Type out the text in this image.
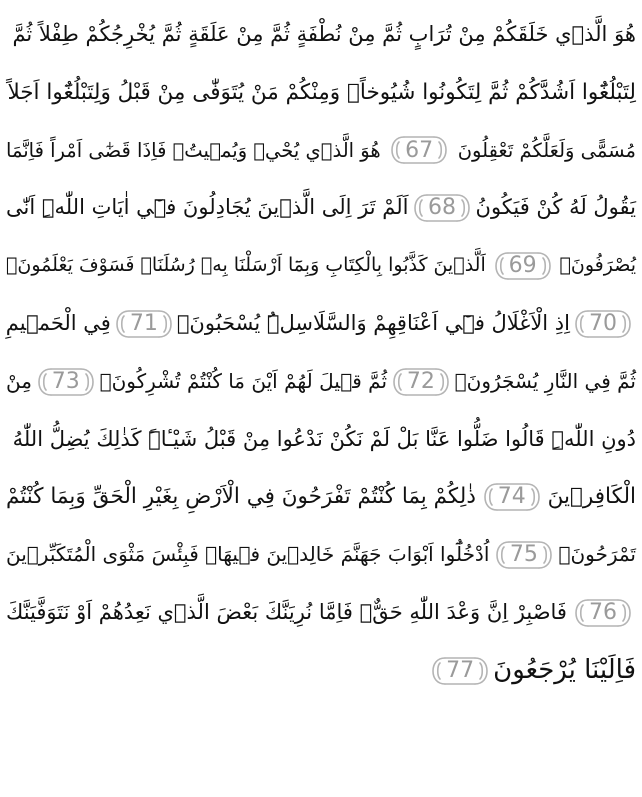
هُوَ الَّذ۪ي خَلَقَكُمْ مِنْ تُرَابٍ ثُمَّ مِنْ نُطْفَةٍ ثُمَّ مِنْ عَلَقَةٍ ثُمَّ يُخْرِجُكُمْ طِفْلاً ثُمَّ
لِتَبْلُغُٓوا اَشُدَّكُمْ ثُمَّ لِتَكُونُوا شُيُوخاًۚ وَمِنْكُمْ مَنْ يُتَوَفّٰى مِنْ قَبْلُ وَلِتَبْلُغُٓوا اَجَلاً
مُسَمًّى وَلَعَلَّكُمْ تَعْقِلُونَ
67
هُوَ الَّذ۪ي يُحْي۪ وَيُم۪يتُۚ فَاِذَا قَضٰٓى اَمْراً فَاِنَّمَا
يَقُولُ لَهُ كُنْ فَيَكُونُ
68
اَلَمْ تَرَ اِلَى الَّذ۪ينَ يُجَادِلُونَ ف۪ٓي اٰيَاتِ اللّٰهِۜ اَنّٰى
يُصْرَفُونَۚ
69
اَلَّذ۪ينَ كَذَّبُوا بِالْكِتَابِ وَبِمَٓا اَرْسَلْنَا بِه۪ رُسُلَنَاۜ فَسَوْفَ يَعْلَمُونَۙ
70
اِذِ الْاَغْلَالُ ف۪ٓي اَعْنَاقِهِمْ وَالسَّلَاسِلُۜ يُسْحَبُونَۙ
71
فِي الْحَم۪يمِ
ثُمَّ فِي النَّارِ يُسْجَرُونَۚ
72
ثُمَّ ق۪يلَ لَهُمْ اَيْنَ مَا كُنْتُمْ تُشْرِكُونَۙ
73
مِنْ
دُونِ اللّٰهِۜ قَالُوا ضَلُّوا عَنَّا بَلْ لَمْ نَكُنْ نَدْعُوا مِنْ قَبْلُ شَيْـٔاًۜ كَذٰلِكَ يُضِلُّ اللّٰهُ
الْكَافِر۪ينَ
74
ذٰلِكُمْ بِمَا كُنْتُمْ تَفْرَحُونَ فِي الْاَرْضِ بِغَيْرِ الْحَقِّ وَبِمَا كُنْتُمْ
تَمْرَحُونَۚ
75
اُدْخُلُٓوا اَبْوَابَ جَهَنَّمَ خَالِد۪ينَ ف۪يهَاۚ فَبِئْسَ مَثْوَى الْمُتَكَبِّر۪ينَ
76
فَاصْبِرْ اِنَّ وَعْدَ اللّٰهِ حَقٌّۚ فَاِمَّا نُرِيَنَّكَ بَعْضَ الَّذ۪ي نَعِدُهُمْ اَوْ نَتَوَفَّيَنَّكَ
فَاِلَيْنَا يُرْجَعُونَ
77
